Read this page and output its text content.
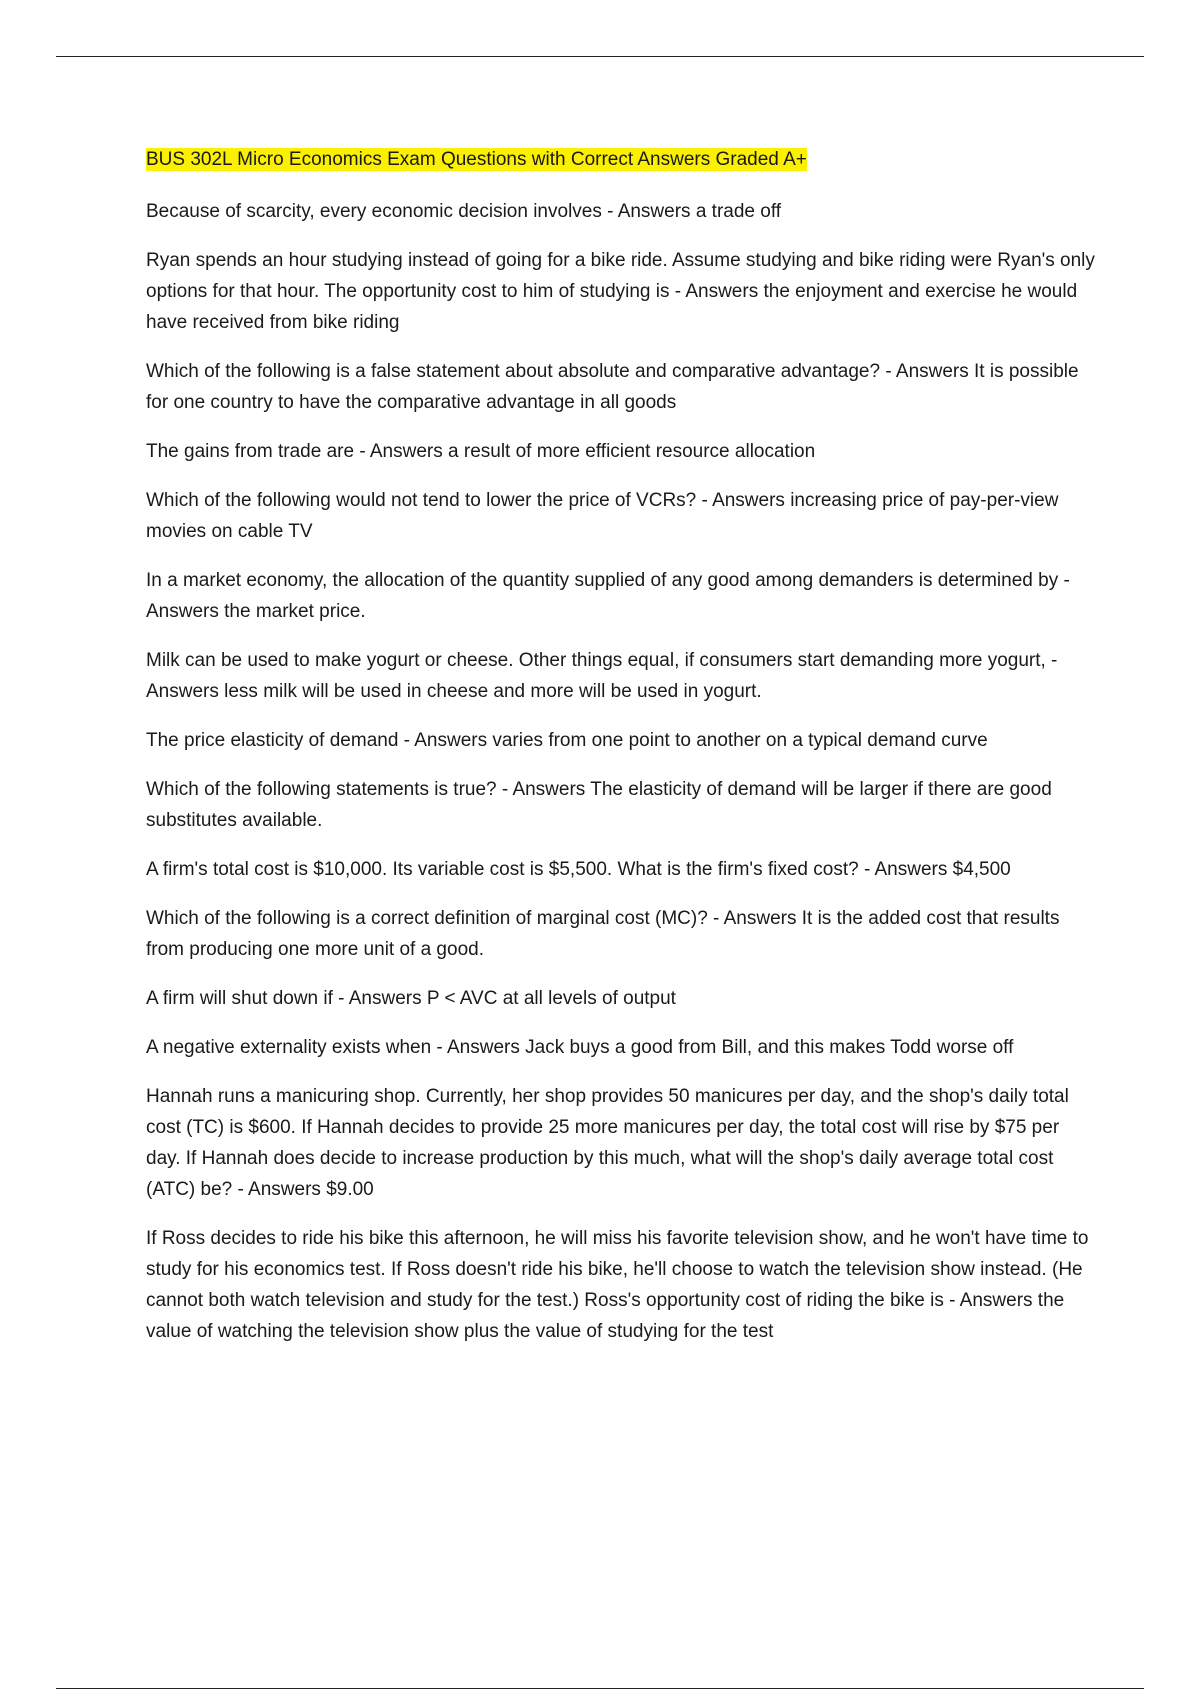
BUS 302L Micro Economics Exam Questions with Correct Answers Graded A+

Because of scarcity, every economic decision involves - Answers a trade off

Ryan spends an hour studying instead of going for a bike ride. Assume studying and bike riding were Ryan's only options for that hour. The opportunity cost to him of studying is - Answers the enjoyment and exercise he would have received from bike riding

Which of the following is a false statement about absolute and comparative advantage? - Answers It is possible for one country to have the comparative advantage in all goods

The gains from trade are - Answers a result of more efficient resource allocation

Which of the following would not tend to lower the price of VCRs? - Answers increasing price of pay-per-view movies on cable TV

In a market economy, the allocation of the quantity supplied of any good among demanders is determined by - Answers the market price.

Milk can be used to make yogurt or cheese. Other things equal, if consumers start demanding more yogurt, - Answers less milk will be used in cheese and more will be used in yogurt.

The price elasticity of demand - Answers varies from one point to another on a typical demand curve

Which of the following statements is true? - Answers The elasticity of demand will be larger if there are good substitutes available.

A firm's total cost is $10,000. Its variable cost is $5,500. What is the firm's fixed cost? - Answers $4,500

Which of the following is a correct definition of marginal cost (MC)? - Answers It is the added cost that results from producing one more unit of a good.

A firm will shut down if - Answers P < AVC at all levels of output

A negative externality exists when - Answers Jack buys a good from Bill, and this makes Todd worse off

Hannah runs a manicuring shop. Currently, her shop provides 50 manicures per day, and the shop's daily total cost (TC) is $600. If Hannah decides to provide 25 more manicures per day, the total cost will rise by $75 per day. If Hannah does decide to increase production by this much, what will the shop's daily average total cost (ATC) be? - Answers $9.00

If Ross decides to ride his bike this afternoon, he will miss his favorite television show, and he won't have time to study for his economics test. If Ross doesn't ride his bike, he'll choose to watch the television show instead. (He cannot both watch television and study for the test.) Ross's opportunity cost of riding the bike is - Answers the value of watching the television show plus the value of studying for the test
